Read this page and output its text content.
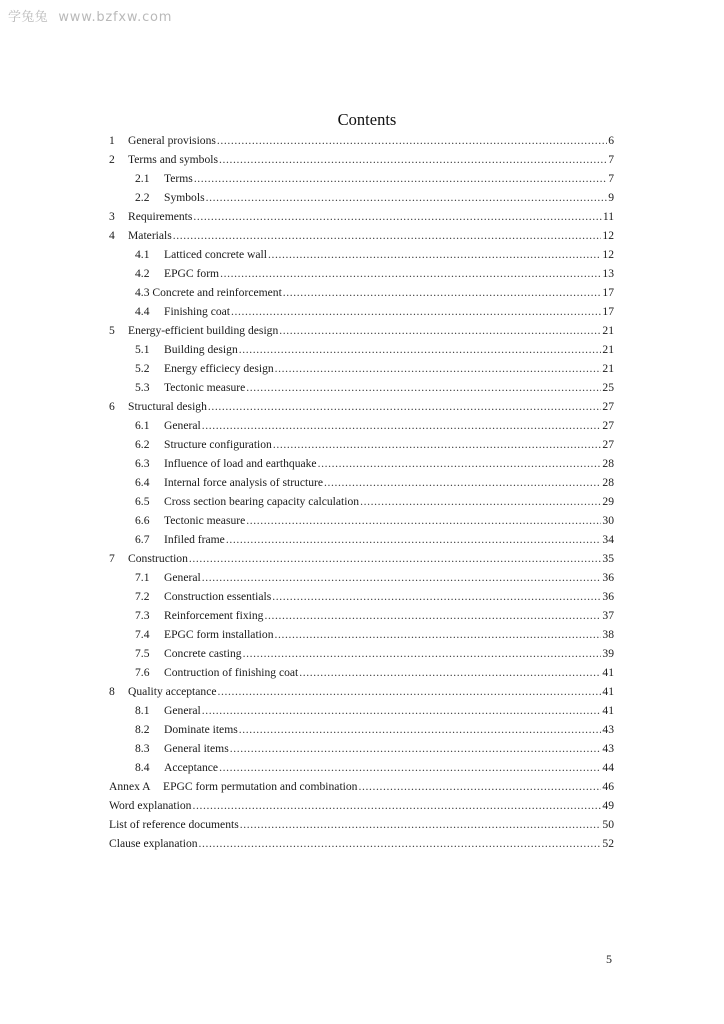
学兔兔 www.bzfxw.com
Contents
1	General provisions .....	6
2	Terms and symbols .....	7
2.1	Terms .....	7
2.2	Symbols .....	9
3	Requirements .....	11
4	Materials .....	12
4.1	Latticed concrete wall .....	12
4.2	EPGC form .....	13
4.3 Concrete and reinforcement .....	17
4.4	Finishing coat .....	17
5	Energy-efficient building design .....	21
5.1	Building design .....	21
5.2	Energy efficiecy design .....	21
5.3	Tectonic measure .....	25
6	Structural desigh .....	27
6.1	General .....	27
6.2	Structure configuration .....	27
6.3	Influence of load and earthquake .....	28
6.4	Internal force analysis of structure .....	28
6.5	Cross section bearing capacity calculation .....	29
6.6	Tectonic measure .....	30
6.7	Infiled frame .....	34
7	Construction .....	35
7.1	General .....	36
7.2	Construction essentials .....	36
7.3	Reinforcement fixing .....	37
7.4	EPGC form installation .....	38
7.5	Concrete casting .....	39
7.6	Contruction of finishing coat .....	41
8	Quality acceptance .....	41
8.1	General .....	41
8.2	Dominate items .....	43
8.3	General items .....	43
8.4	Acceptance .....	44
Annex A	EPGC form permutation and combination .....	46
Word explanation .....	49
List of reference documents .....	50
Clause explanation .....	52
5
